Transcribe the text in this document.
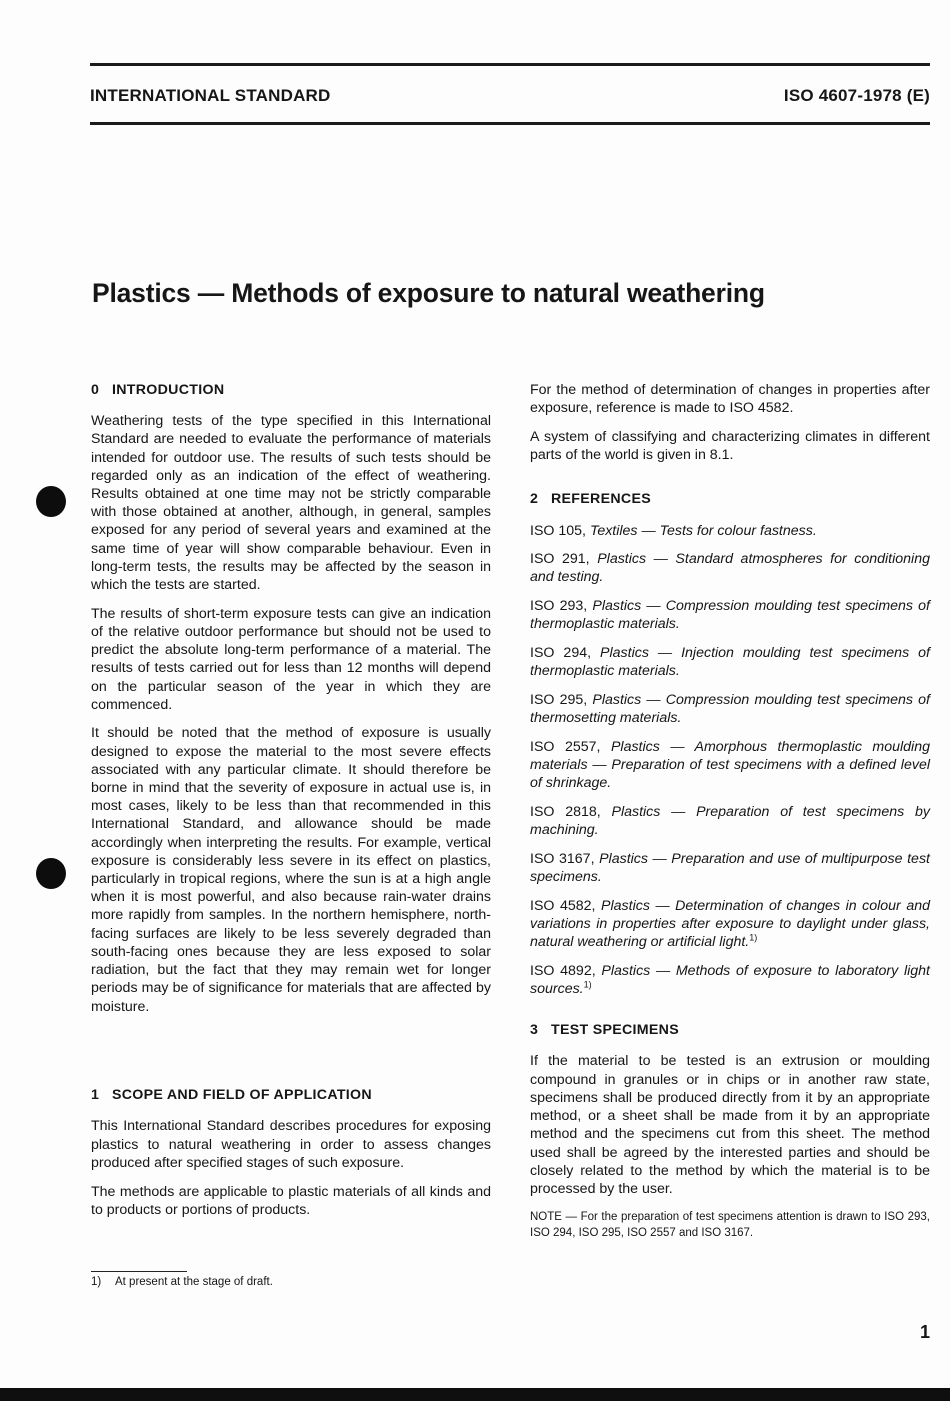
INTERNATIONAL STANDARD	ISO 4607-1978 (E)
Plastics — Methods of exposure to natural weathering
0 INTRODUCTION

Weathering tests of the type specified in this International Standard are needed to evaluate the performance of materials intended for outdoor use. The results of such tests should be regarded only as an indication of the effect of weathering. Results obtained at one time may not be strictly comparable with those obtained at another, although, in general, samples exposed for any period of several years and examined at the same time of year will show comparable behaviour. Even in long-term tests, the results may be affected by the season in which the tests are started.

The results of short-term exposure tests can give an indication of the relative outdoor performance but should not be used to predict the absolute long-term performance of a material. The results of tests carried out for less than 12 months will depend on the particular season of the year in which they are commenced.

It should be noted that the method of exposure is usually designed to expose the material to the most severe effects associated with any particular climate. It should therefore be borne in mind that the severity of exposure in actual use is, in most cases, likely to be less than that recommended in this International Standard, and allowance should be made accordingly when interpreting the results. For example, vertical exposure is considerably less severe in its effect on plastics, particularly in tropical regions, where the sun is at a high angle when it is most powerful, and also because rain-water drains more rapidly from samples. In the northern hemisphere, north-facing surfaces are likely to be less severely degraded than south-facing ones because they are less exposed to solar radiation, but the fact that they may remain wet for longer periods may be of significance for materials that are affected by moisture.

1 SCOPE AND FIELD OF APPLICATION

This International Standard describes procedures for exposing plastics to natural weathering in order to assess changes produced after specified stages of such exposure.

The methods are applicable to plastic materials of all kinds and to products or portions of products.

For the method of determination of changes in properties after exposure, reference is made to ISO 4582.

A system of classifying and characterizing climates in different parts of the world is given in 8.1.

2 REFERENCES

ISO 105, Textiles — Tests for colour fastness.

ISO 291, Plastics — Standard atmospheres for conditioning and testing.

ISO 293, Plastics — Compression moulding test specimens of thermoplastic materials.

ISO 294, Plastics — Injection moulding test specimens of thermoplastic materials.

ISO 295, Plastics — Compression moulding test specimens of thermosetting materials.

ISO 2557, Plastics — Amorphous thermoplastic moulding materials — Preparation of test specimens with a defined level of shrinkage.

ISO 2818, Plastics — Preparation of test specimens by machining.

ISO 3167, Plastics — Preparation and use of multipurpose test specimens.

ISO 4582, Plastics — Determination of changes in colour and variations in properties after exposure to daylight under glass, natural weathering or artificial light.$^{1)}$

ISO 4892, Plastics — Methods of exposure to laboratory light sources.$^{1)}$

3 TEST SPECIMENS

If the material to be tested is an extrusion or moulding compound in granules or in chips or in another raw state, specimens shall be produced directly from it by an appropriate method, or a sheet shall be made from it by an appropriate method and the specimens cut from this sheet. The method used shall be agreed by the interested parties and should be closely related to the method by which the material is to be processed by the user.

NOTE — For the preparation of test specimens attention is drawn to ISO 293, ISO 294, ISO 295, ISO 2557 and ISO 3167.

1) At present at the stage of draft.
1
